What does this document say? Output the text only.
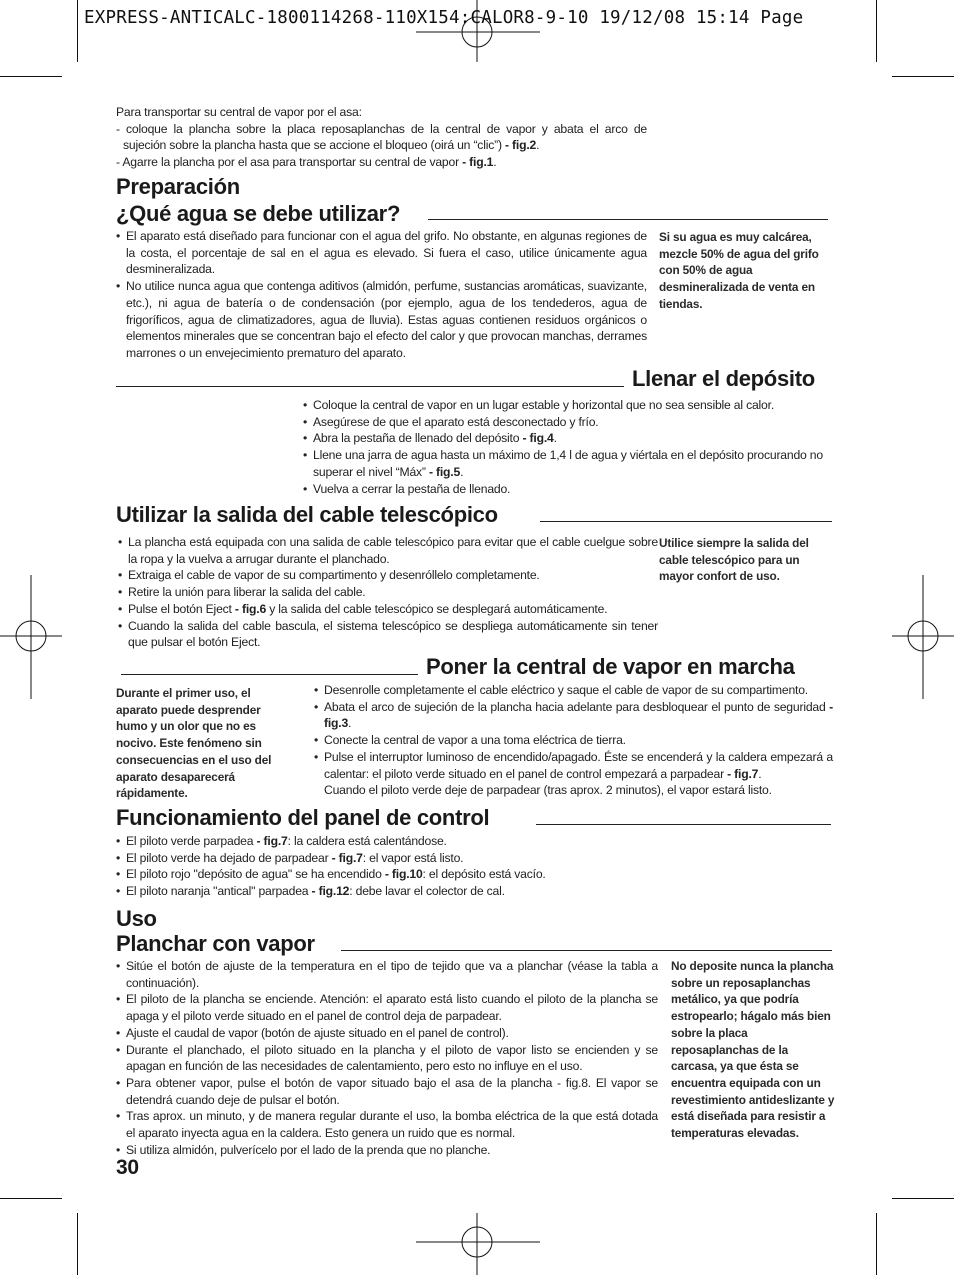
EXPRESS-ANTICALC-1800114268-110X154:CALOR8-9-10 19/12/08 15:14 Page

Para transportar su central de vapor por el asa:

- coloque la plancha sobre la placa reposaplanchas de la central de vapor y abata el arco de

sujeción sobre la plancha hasta que se accione el bloqueo (oirá un “clic”) - fig.2.

- Agarre la plancha por el asa para transportar su central de vapor - fig.1.

Preparación
¿Qué agua se debe utilizar?
• El aparato está diseñado para funcionar con el agua del grifo. No obstante, en algunas regiones de la costa, el porcentaje de sal en el agua es elevado. Si fuera el caso, utilice únicamente agua desmineralizada.
• No utilice nunca agua que contenga aditivos (almidón, perfume, sustancias aromáticas, suavizante, etc.), ni agua de batería o de condensación (por ejemplo, agua de los tendederos, agua de frigoríficos, agua de climatizadores, agua de lluvia). Estas aguas contienen residuos orgánicos o elementos minerales que se concentran bajo el efecto del calor y que provocan manchas, derrames marrones o un envejecimiento prematuro del aparato.
Si su agua es muy calcárea, mezcle 50% de agua del grifo con 50% de agua desmineralizada de venta en tiendas.
Llenar el depósito
• Coloque la central de vapor en un lugar estable y horizontal que no sea sensible al calor.
• Asegúrese de que el aparato está desconectado y frío.
• Abra la pestaña de llenado del depósito - fig.4.
• Llene una jarra de agua hasta un máximo de 1,4 l de agua y viértala en el depósito procurando no superar el nivel “Máx” - fig.5.
• Vuelva a cerrar la pestaña de llenado.
Utilizar la salida del cable telescópico
• La plancha está equipada con una salida de cable telescópico para evitar que el cable cuelgue sobre la ropa y la vuelva a arrugar durante el planchado.
• Extraiga el cable de vapor de su compartimento y desenróllelo completamente.
• Retire la unión para liberar la salida del cable.
• Pulse el botón Eject - fig.6 y la salida del cable telescópico se desplegará automáticamente.
• Cuando la salida del cable bascula, el sistema telescópico se despliega automáticamente sin tener que pulsar el botón Eject.
Utilice siempre la salida del cable telescópico para un mayor confort de uso.
Poner la central de vapor en marcha
Durante el primer uso, el aparato puede desprender humo y un olor que no es nocivo. Este fenómeno sin consecuencias en el uso del aparato desaparecerá rápidamente.
• Desenrolle completamente el cable eléctrico y saque el cable de vapor de su compartimento.
• Abata el arco de sujeción de la plancha hacia adelante para desbloquear el punto de seguridad - fig.3.
• Conecte la central de vapor a una toma eléctrica de tierra.
• Pulse el interruptor luminoso de encendido/apagado. Éste se encenderá y la caldera empezará a calentar: el piloto verde situado en el panel de control empezará a parpadear - fig.7.
Cuando el piloto verde deje de parpadear (tras aprox. 2 minutos), el vapor estará listo.
Funcionamiento del panel de control
• El piloto verde parpadea - fig.7: la caldera está calentándose.
• El piloto verde ha dejado de parpadear - fig.7: el vapor está listo.
• El piloto rojo "depósito de agua" se ha encendido - fig.10: el depósito está vacío.
• El piloto naranja "antical" parpadea - fig.12: debe lavar el colector de cal.
Uso
Planchar con vapor
• Sitúe el botón de ajuste de la temperatura en el tipo de tejido que va a planchar (véase la tabla a continuación).
• El piloto de la plancha se enciende. Atención: el aparato está listo cuando el piloto de la plancha se apaga y el piloto verde situado en el panel de control deja de parpadear.
• Ajuste el caudal de vapor (botón de ajuste situado en el panel de control).
• Durante el planchado, el piloto situado en la plancha y el piloto de vapor listo se encienden y se apagan en función de las necesidades de calentamiento, pero esto no influye en el uso.
• Para obtener vapor, pulse el botón de vapor situado bajo el asa de la plancha - fig.8. El vapor se detendrá cuando deje de pulsar el botón.
• Tras aprox. un minuto, y de manera regular durante el uso, la bomba eléctrica de la que está dotada el aparato inyecta agua en la caldera. Esto genera un ruido que es normal.
• Si utiliza almidón, pulverícelo por el lado de la prenda que no planche.
No deposite nunca la plancha sobre un reposaplanchas metálico, ya que podría estropearlo; hágalo más bien sobre la placa reposaplanchas de la carcasa, ya que ésta se encuentra equipada con un revestimiento antideslizante y está diseñada para resistir a temperaturas elevadas.
30
